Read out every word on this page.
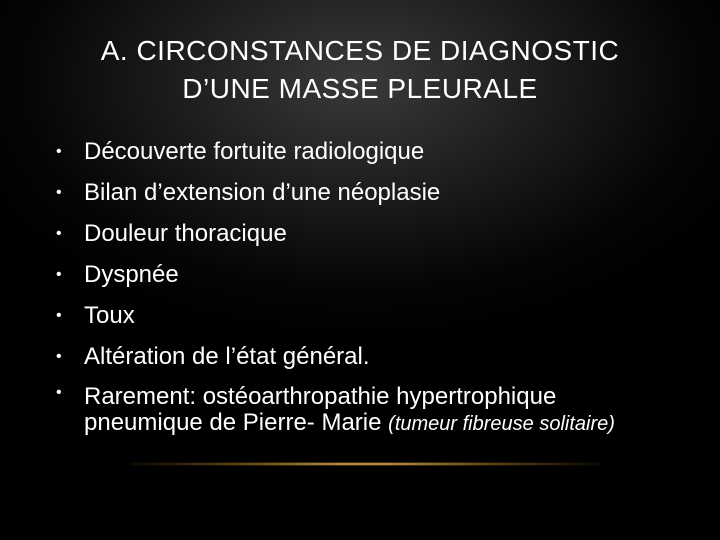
A. CIRCONSTANCES DE DIAGNOSTIC
D’UNE MASSE PLEURALE
• Découverte fortuite radiologique
• Bilan d’extension d’une néoplasie
• Douleur thoracique
• Dyspnée
• Toux
• Altération de l’état général.
• Rarement: ostéoarthropathie hypertrophique pneumique de Pierre- Marie (tumeur fibreuse solitaire)
